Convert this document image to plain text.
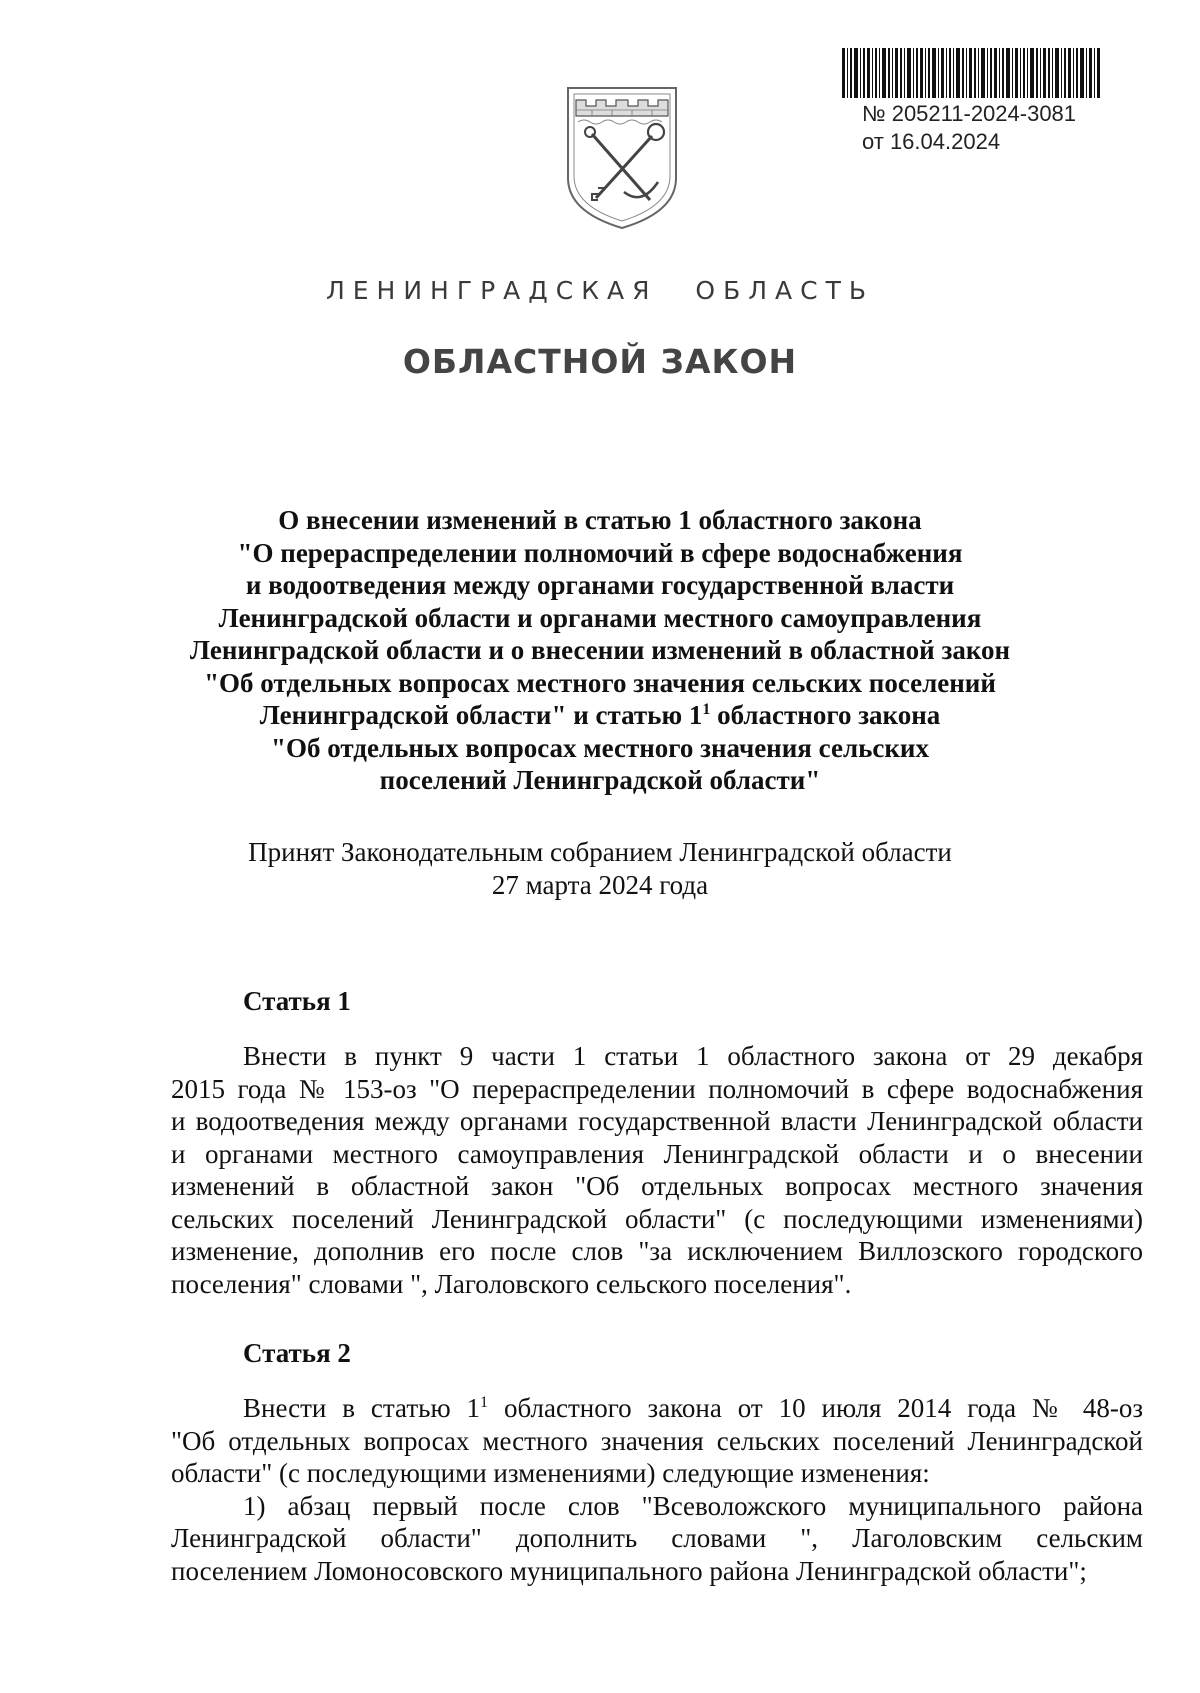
№ 205211-2024-3081
от 16.04.2024
ЛЕНИНГРАДСКАЯ ОБЛАСТЬ
ОБЛАСТНОЙ ЗАКОН
О внесении изменений в статью 1 областного закона
"О перераспределении полномочий в сфере водоснабжения
и водоотведения между органами государственной власти
Ленинградской области и органами местного самоуправления
Ленинградской области и о внесении изменений в областной закон
"Об отдельных вопросах местного значения сельских поселений
Ленинградской области" и статью $1^1$ областного закона
"Об отдельных вопросах местного значения сельских
поселений Ленинградской области"
Принят Законодательным собранием Ленинградской области
27 марта 2024 года
Статья 1
Внести в пункт 9 части 1 статьи 1 областного закона от 29 декабря
2015 года № 153-оз "О перераспределении полномочий в сфере водоснабжения
и водоотведения между органами государственной власти Ленинградской области
и органами местного самоуправления Ленинградской области и о внесении
изменений в областной закон "Об отдельных вопросах местного значения
сельских поселений Ленинградской области" (с последующими изменениями)
изменение, дополнив его после слов "за исключением Виллозского городского
поселения" словами ", Лаголовского сельского поселения".
Статья 2
Внести в статью $1^1$ областного закона от 10 июля 2014 года № 48-оз
"Об отдельных вопросах местного значения сельских поселений Ленинградской
области" (с последующими изменениями) следующие изменения:
1) абзац первый после слов "Всеволожского муниципального района
Ленинградской области" дополнить словами ", Лаголовским сельским
поселением Ломоносовского муниципального района Ленинградской области";
